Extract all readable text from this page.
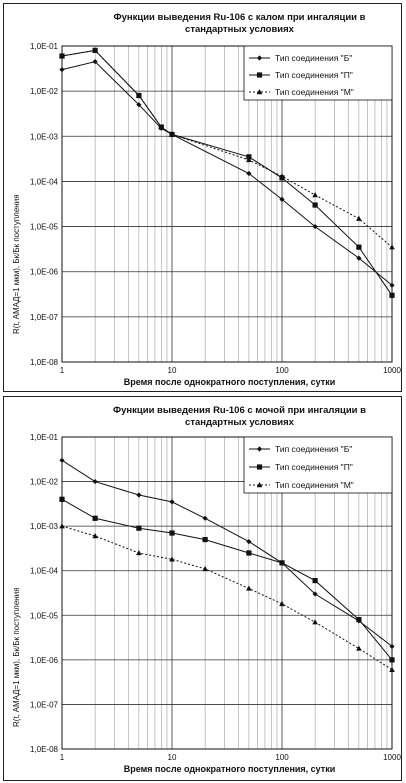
Функции выведения Ru-106 с калом при ингаляции в стандартных условиях
R(t, AMAД=1 мкм), Бк/Бк поступления
Время после однократного поступления, сутки
1,0E-08
1,0E-07
1,0E-06
1,0E-05
1,0E-04
1,0E-03
1,0E-02
1,0E-01
1	10	100	1000
Тип соединения "Б"
Тип соединения "П"
Тип соединения "М"
Функции выведения Ru-106 с мочой при ингаляции в стандартных условиях
R(t, AMAД=1 мкм), Бк/Бк поступления
Время после однократного поступления, сутки
1,0E-08
1,0E-07
1,0E-06
1,0E-05
1,0E-04
1,0E-03
1,0E-02
1,0E-01
1	10	100	1000
Тип соединения "Б"
Тип соединения "П"
Тип соединения "М"
